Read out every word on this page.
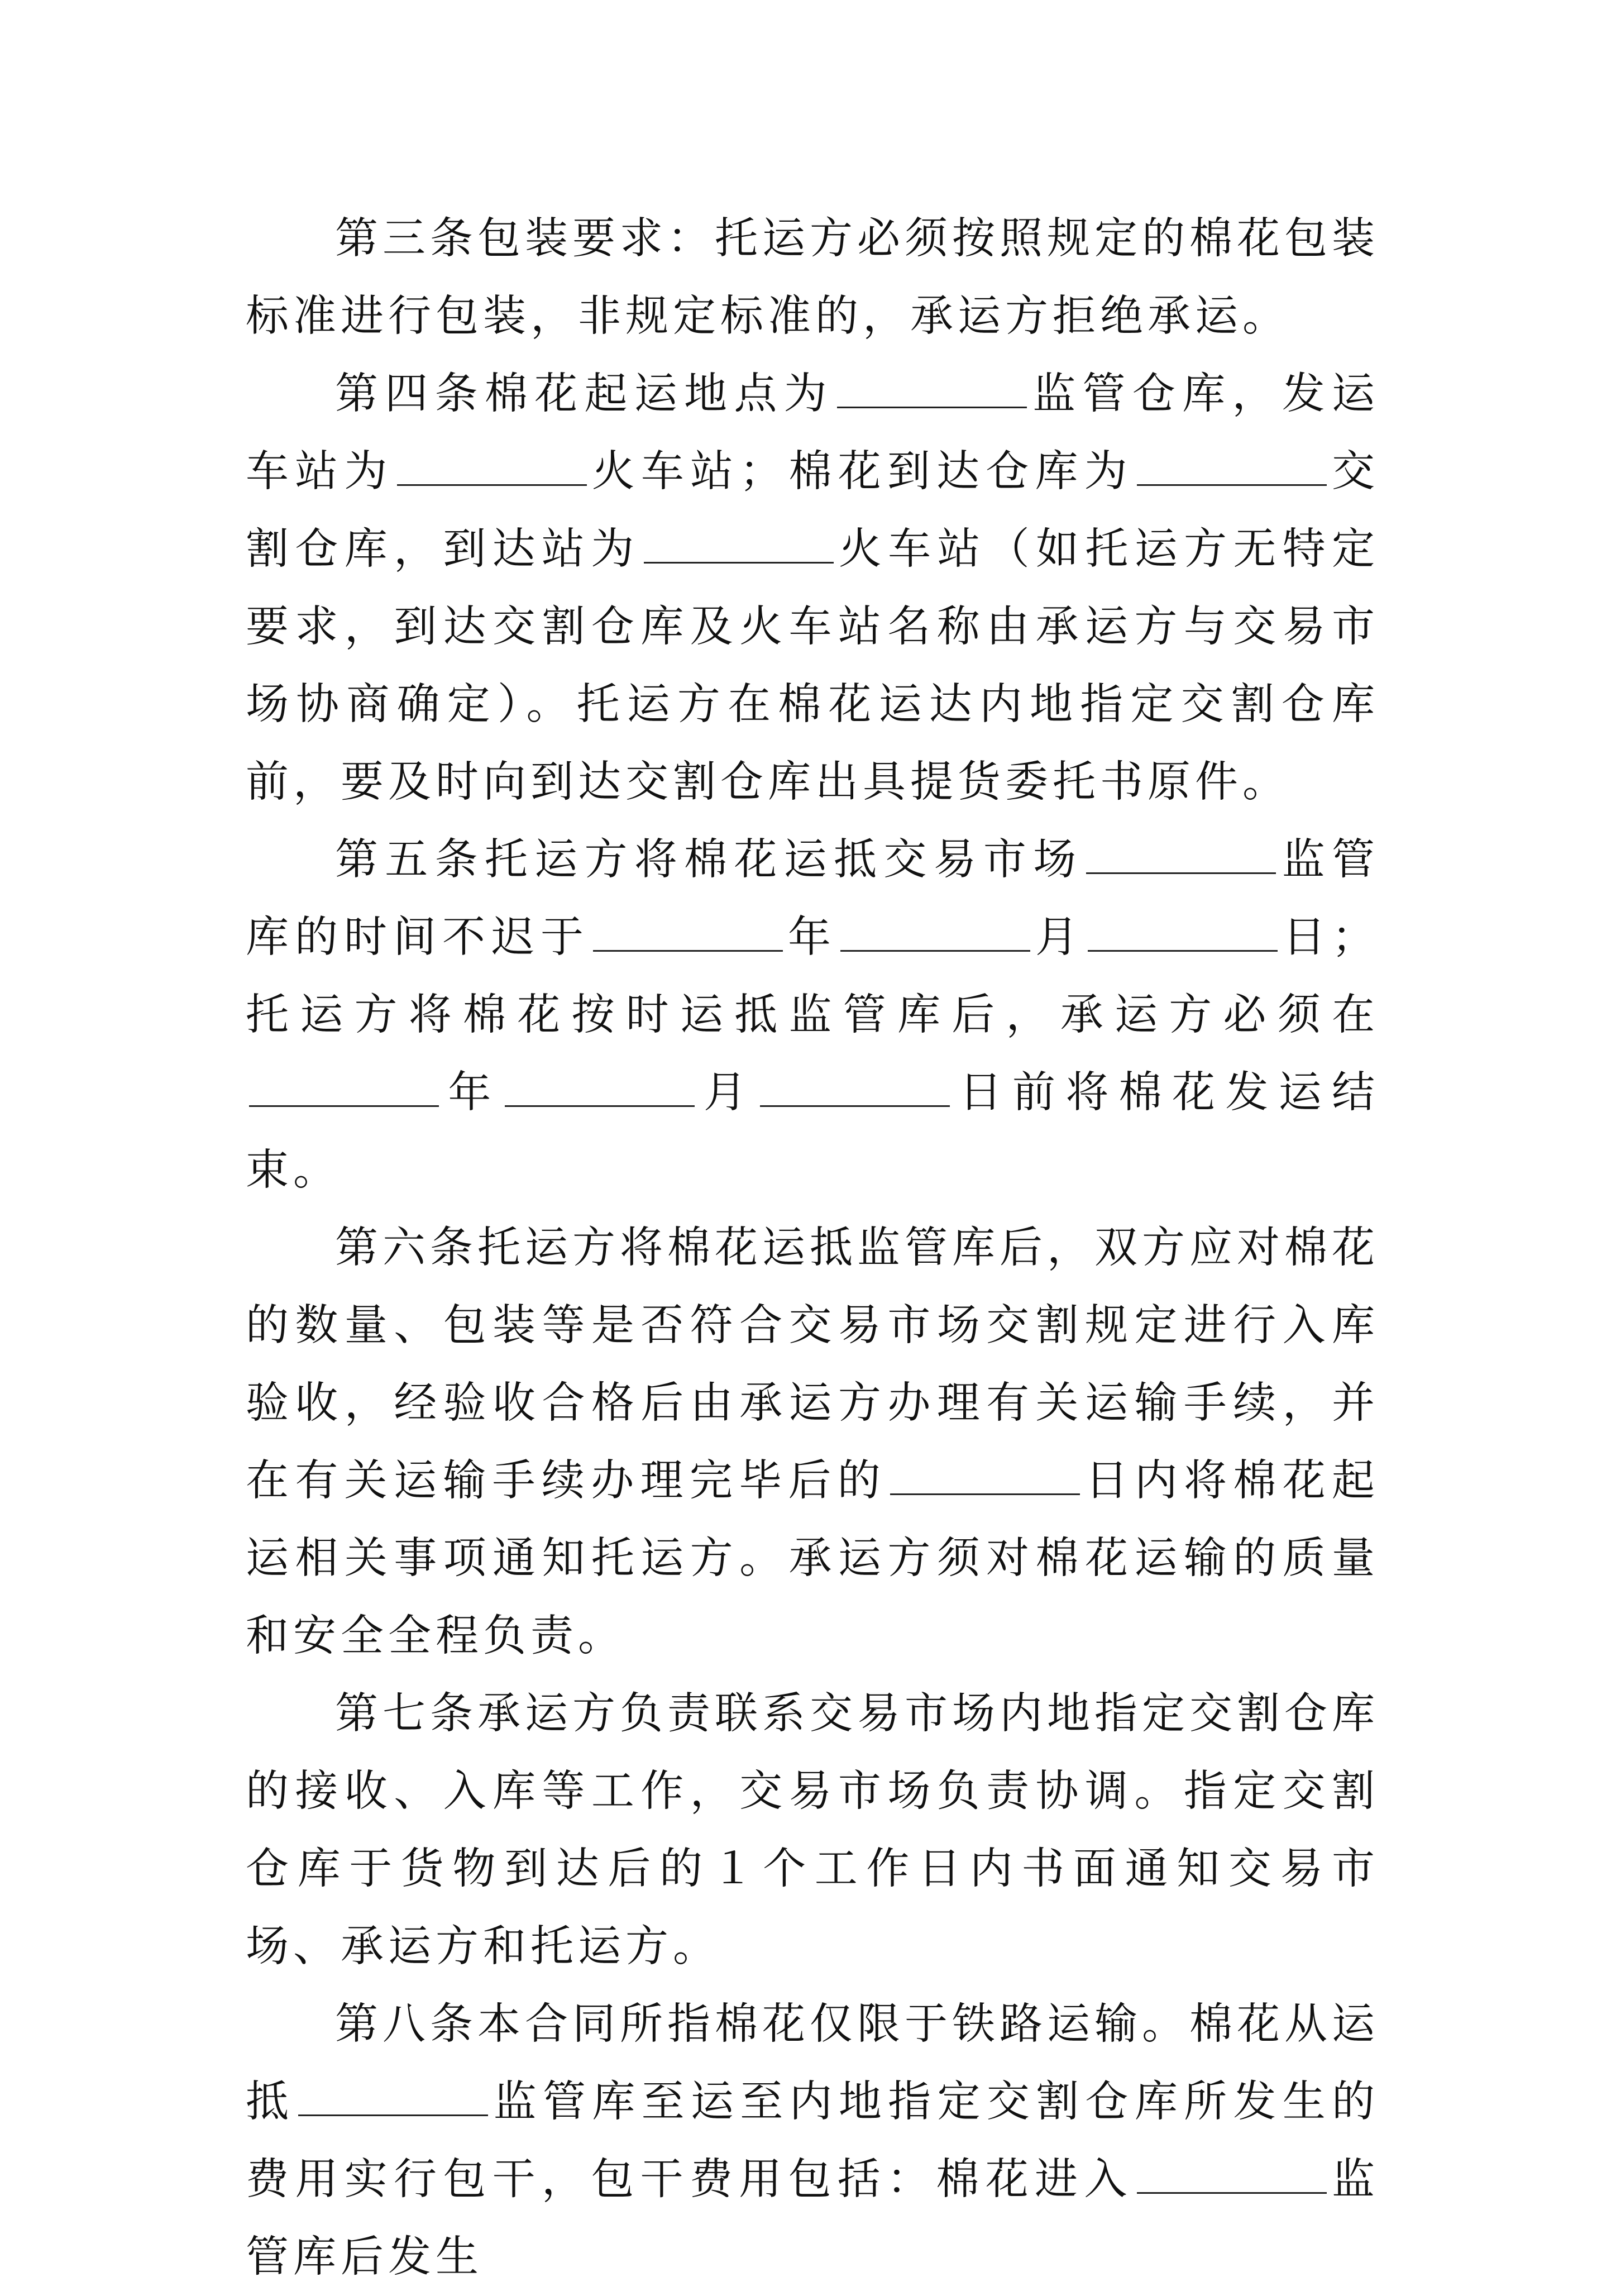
第三条包装要求：托运方必须按照规定的棉花包装标准进行包装，非规定标准的，承运方拒绝承运。

第四条棉花起运地点为	监管仓库，发运车站为	火车站；棉花到达仓库为	交割仓库，到达站为	火车站（如托运方无特定要求，到达交割仓库及火车站名称由承运方与交易市场协商确定）。托运方在棉花运达内地指定交割仓库前，要及时向到达交割仓库出具提货委托书原件。

第五条托运方将棉花运抵交易市场	监管库的时间不迟于	年	月	日；托运方将棉花按时运抵监管库后，承运方必须在年	月	日前将棉花发运结束。

第六条托运方将棉花运抵监管库后，双方应对棉花的数量、包装等是否符合交易市场交割规定进行入库验收，经验收合格后由承运方办理有关运输手续，并在有关运输手续办理完毕后的	日内将棉花起运相关事项通知托运方。承运方须对棉花运输的质量和安全全程负责。

第七条承运方负责联系交易市场内地指定交割仓库的接收、入库等工作，交易市场负责协调。指定交割仓库于货物到达后的１个工作日内书面通知交易市场、承运方和托运方。

第八条本合同所指棉花仅限于铁路运输。棉花从运抵	监管库至运至内地指定交割仓库所发生的费用实行包干，包干费用包括：棉花进入	监管库后发生
